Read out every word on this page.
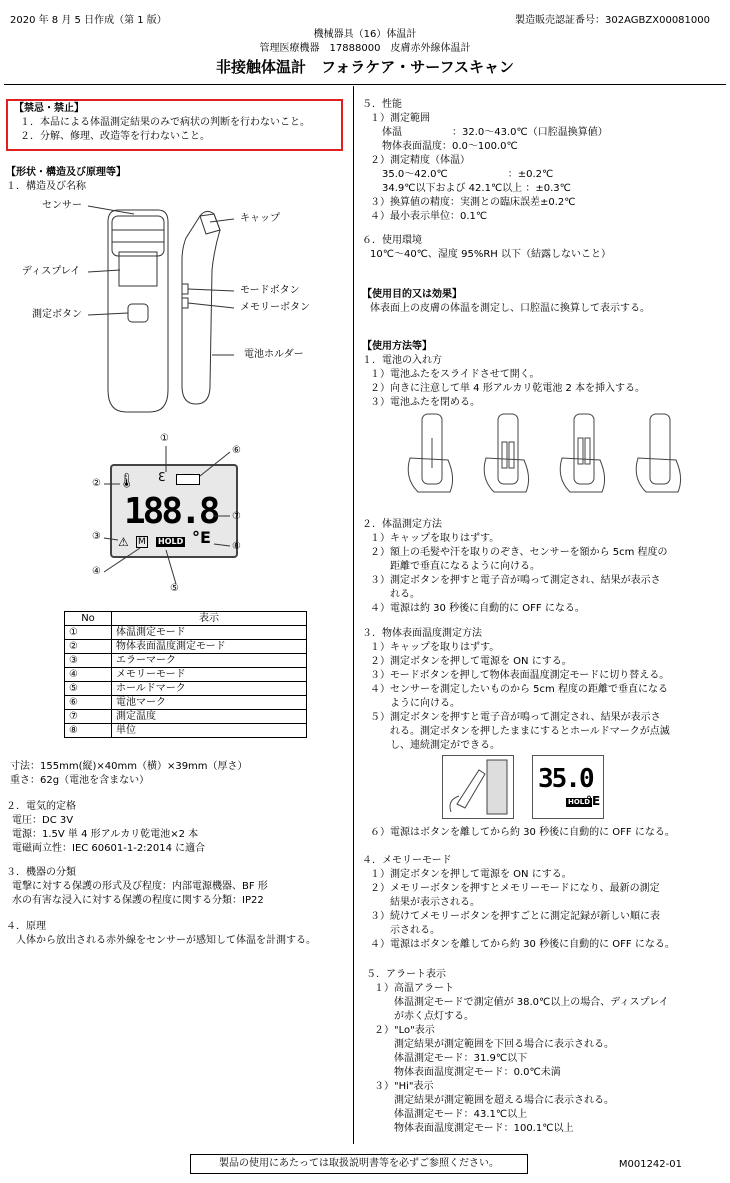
2020 年 8 月 5 日作成（第 1 版）	製造販売認証番号：302AGBZX00081000
機械器具（16）体温計
管理医療機器　17888000　皮膚赤外線体温計
非接触体温計　フォラケア・サーフスキャン
【禁忌・禁止】
１．本品による体温測定結果のみで病状の判断を行わないこと。
２．分解、修理、改造等を行わないこと。
【形状・構造及び原理等】
１．構造及び名称
センサー
キャップ
ディスプレイ
モードボタン
メモリーボタン
測定ボタン
電池ホルダー
🌡 ℇ
188.8
⚠ M HOLD °E
①
②
③
④
⑤
⑥
⑦
⑧
No	表示
①	体温測定モード
②	物体表面温度測定モード
③	エラーマーク
④	メモリーモード
⑤	ホールドマーク
⑥	電池マーク
⑦	測定温度
⑧	単位
寸法：155mm(縦)×40mm（横）×39mm（厚さ）
重さ：62g（電池を含まない）
２．電気的定格
電圧：DC 3V
電源：1.5V 単 4 形アルカリ乾電池×2 本
電磁両立性：IEC 60601-1-2:2014 に適合
３．機器の分類
電撃に対する保護の形式及び程度：内部電源機器、BF 形
水の有害な浸入に対する保護の程度に関する分類：IP22
４．原理
人体から放出される赤外線をセンサーが感知して体温を計測する。
５．性能
１）測定範囲
体温　　　　　：32.0～43.0℃（口腔温換算値）
物体表面温度：0.0～100.0℃
２）測定精度（体温）
35.0～42.0℃　　　　　　：±0.2℃
34.9℃以下および 42.1℃以上 ：±0.3℃
３）換算値の精度：実測との臨床誤差±0.2℃
４）最小表示単位：0.1℃
６．使用環境
10℃～40℃、湿度 95%RH 以下（結露しないこと）
【使用目的又は効果】
体表面上の皮膚の体温を測定し、口腔温に換算して表示する。
【使用方法等】
１．電池の入れ方
１）電池ふたをスライドさせて開く。
２）向きに注意して単 4 形アルカリ乾電池 2 本を挿入する。
３）電池ふたを閉める。
２．体温測定方法
１）キャップを取りはずす。
２）額上の毛髪や汗を取りのぞき、センサーを額から 5cm 程度の
　　距離で垂直になるように向ける。
３）測定ボタンを押すと電子音が鳴って測定され、結果が表示さ
　　れる。
４）電源は約 30 秒後に自動的に OFF になる。
３．物体表面温度測定方法
１）キャップを取りはずす。
２）測定ボタンを押して電源を ON にする。
３）モードボタンを押して物体表面温度測定モードに切り替える。
４）センサーを測定したいものから 5cm 程度の距離で垂直になる
　　ように向ける。
５）測定ボタンを押すと電子音が鳴って測定され、結果が表示さ
　　れる。測定ボタンを押したままにするとホールドマークが点滅
　　し、連続測定ができる。
35.0
HOLD
°E
６）電源はボタンを離してから約 30 秒後に自動的に OFF になる。
４．メモリーモード
１）測定ボタンを押して電源を ON にする。
２）メモリーボタンを押すとメモリーモードになり、最新の測定
　　結果が表示される。
３）続けてメモリーボタンを押すごとに測定記録が新しい順に表
　　示される。
４）電源はボタンを離してから約 30 秒後に自動的に OFF になる。
５．アラート表示
１）高温アラート
　　体温測定モードで測定値が 38.0℃以上の場合、ディスプレイ
　　が赤く点灯する。
２）"Lo"表示
　　測定結果が測定範囲を下回る場合に表示される。
　　体温測定モード：31.9℃以下
　　物体表面温度測定モード：0.0℃未満
３）"Hi"表示
　　測定結果が測定範囲を超える場合に表示される。
　　体温測定モード：43.1℃以上
　　物体表面温度測定モード：100.1℃以上
製品の使用にあたっては取扱説明書等を必ずご参照ください。	M001242-01
